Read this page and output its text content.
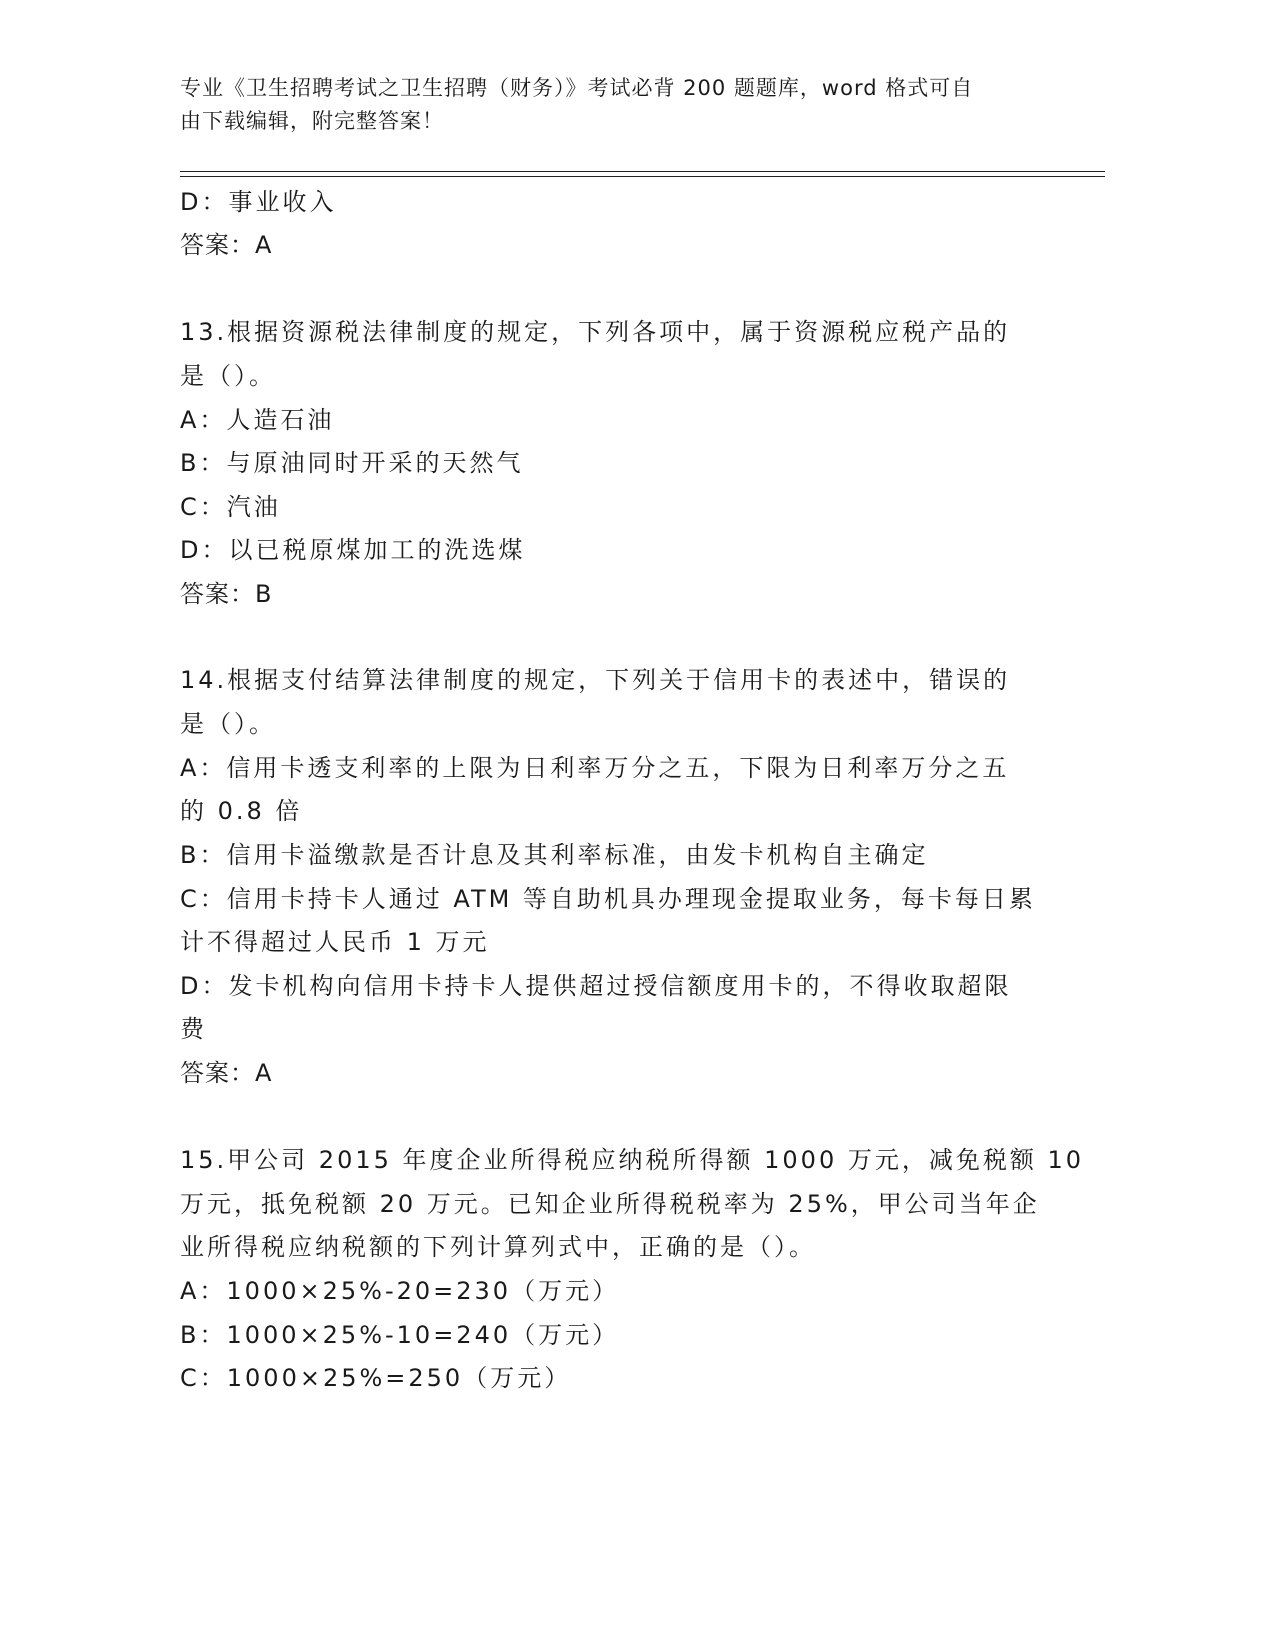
专业《卫生招聘考试之卫生招聘（财务）》考试必背 200 题题库，word 格式可自
由下载编辑，附完整答案！
D：事业收入
答案：A
13.根据资源税法律制度的规定，下列各项中，属于资源税应税产品的
是（）。
A：人造石油
B：与原油同时开采的天然气
C：汽油
D：以已税原煤加工的洗选煤
答案：B
14.根据支付结算法律制度的规定，下列关于信用卡的表述中，错误的
是（）。
A：信用卡透支利率的上限为日利率万分之五，下限为日利率万分之五
的 0.8 倍
B：信用卡溢缴款是否计息及其利率标准，由发卡机构自主确定
C：信用卡持卡人通过 ATM 等自助机具办理现金提取业务，每卡每日累
计不得超过人民币 1 万元
D：发卡机构向信用卡持卡人提供超过授信额度用卡的，不得收取超限
费
答案：A
15.甲公司 2015 年度企业所得税应纳税所得额 1000 万元，减免税额 10
万元，抵免税额 20 万元。已知企业所得税税率为 25%，甲公司当年企
业所得税应纳税额的下列计算列式中，正确的是（）。
A：1000×25%-20=230（万元）
B：1000×25%-10=240（万元）
C：1000×25%=250（万元）
